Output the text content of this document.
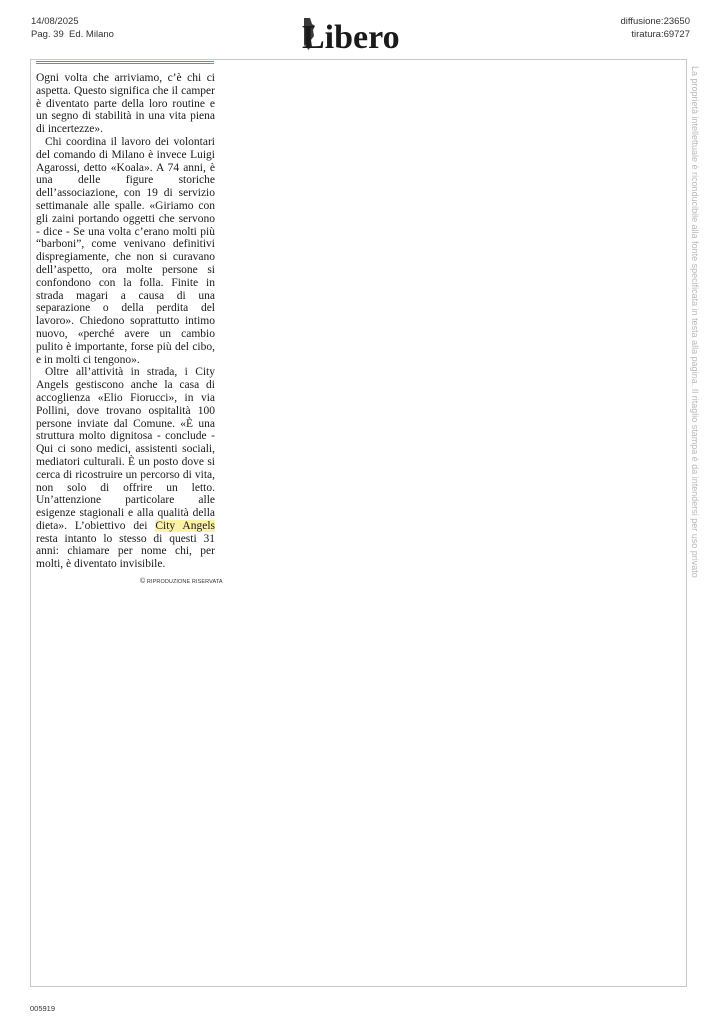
14/08/2025
Pag. 39 Ed. Milano	Libero	diffusione:23650
tiratura:69727

Ogni volta che arriviamo, c’è chi ci aspetta. Questo significa che il camper è diventato parte della loro routine e un segno di stabilità in una vita piena di incertezze».

Chi coordina il lavoro dei volontari del comando di Milano è invece Luigi Agarossi, detto «Koala». A 74 anni, è una delle figure storiche dell’associazione, con 19 di servizio settimanale alle spalle. «Giriamo con gli zaini portando oggetti che servono - dice - Se una volta c’erano molti più “barboni”, come venivano definitivi dispregiamente, che non si curavano dell’aspetto, ora molte persone si confondono con la folla. Finite in strada magari a causa di una separazione o della perdita del lavoro». Chiedono soprattutto intimo nuovo, «perché avere un cambio pulito è importante, forse più del cibo, e in molti ci tengono».

Oltre all’attività in strada, i City Angels gestiscono anche la casa di accoglienza «Elio Fiorucci», in via Pollini, dove trovano ospitalità 100 persone inviate dal Comune. «È una struttura molto dignitosa - conclude - Qui ci sono medici, assistenti sociali, mediatori culturali. È un posto dove si cerca di ricostruire un percorso di vita, non solo di offrire un letto. Un’attenzione particolare alle esigenze stagionali e alla qualità della dieta». L’obiettivo dei City Angels resta intanto lo stesso di questi 31 anni: chiamare per nome chi, per molti, è diventato invisibile.

© RIPRODUZIONE RISERVATA
La proprietà intellettuale è riconducibile alla fonte specificata in testa alla pagina. Il ritaglio stampa è da intendersi per uso privato
005919
